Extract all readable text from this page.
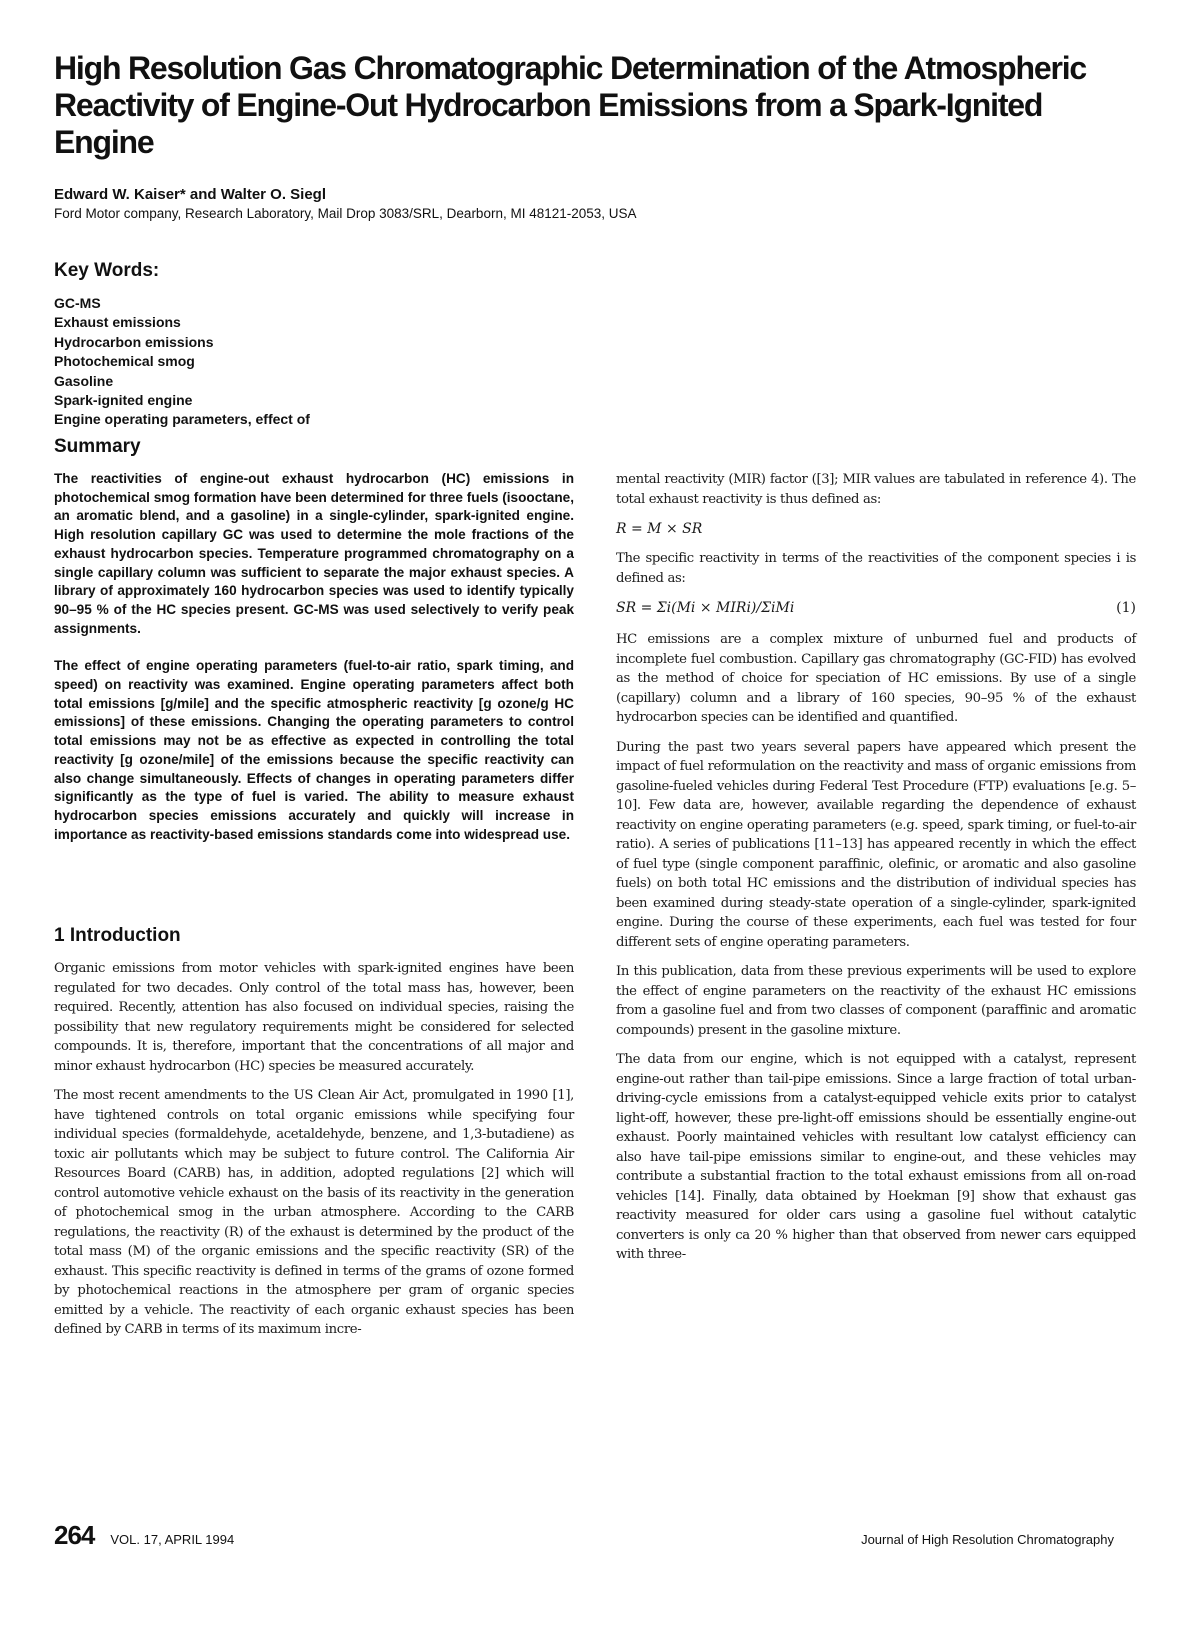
High Resolution Gas Chromatographic Determination of the Atmospheric Reactivity of Engine-Out Hydrocarbon Emissions from a Spark-Ignited Engine
Edward W. Kaiser* and Walter O. Siegl
Ford Motor company, Research Laboratory, Mail Drop 3083/SRL, Dearborn, MI 48121-2053, USA
Key Words:
GC-MS
Exhaust emissions
Hydrocarbon emissions
Photochemical smog
Gasoline
Spark-ignited engine
Engine operating parameters, effect of
Summary

The reactivities of engine-out exhaust hydrocarbon (HC) emissions in photochemical smog formation have been determined for three fuels (isooctane, an aromatic blend, and a gasoline) in a single-cylinder, spark-ignited engine. High resolution capillary GC was used to determine the mole fractions of the exhaust hydrocarbon species. Temperature programmed chromatography on a single capillary column was sufficient to separate the major exhaust species. A library of approximately 160 hydrocarbon species was used to identify typically 90–95 % of the HC species present. GC-MS was used selectively to verify peak assignments.

The effect of engine operating parameters (fuel-to-air ratio, spark timing, and speed) on reactivity was examined. Engine operating parameters affect both total emissions [g/mile] and the specific atmospheric reactivity [g ozone/g HC emissions] of these emissions. Changing the operating parameters to control total emissions may not be as effective as expected in controlling the total reactivity [g ozone/mile] of the emissions because the specific reactivity can also change simultaneously. Effects of changes in operating parameters differ significantly as the type of fuel is varied. The ability to measure exhaust hydrocarbon species emissions accurately and quickly will increase in importance as reactivity-based emissions standards come into widespread use.

1 Introduction

Organic emissions from motor vehicles with spark-ignited engines have been regulated for two decades. Only control of the total mass has, however, been required. Recently, attention has also focused on individual species, raising the possibility that new regulatory requirements might be considered for selected compounds. It is, therefore, important that the concentrations of all major and minor exhaust hydrocarbon (HC) species be measured accurately.

The most recent amendments to the US Clean Air Act, promulgated in 1990 [1], have tightened controls on total organic emissions while specifying four individual species (formaldehyde, acetaldehyde, benzene, and 1,3-butadiene) as toxic air pollutants which may be subject to future control. The California Air Resources Board (CARB) has, in addition, adopted regulations [2] which will control automotive vehicle exhaust on the basis of its reactivity in the generation of photochemical smog in the urban atmosphere. According to the CARB regulations, the reactivity (R) of the exhaust is determined by the product of the total mass (M) of the organic emissions and the specific reactivity (SR) of the exhaust. This specific reactivity is defined in terms of the grams of ozone formed by photochemical reactions in the atmosphere per gram of organic species emitted by a vehicle. The reactivity of each organic exhaust species has been defined by CARB in terms of its maximum incre-

mental reactivity (MIR) factor ([3]; MIR values are tabulated in reference 4). The total exhaust reactivity is thus defined as:

R = M × SR

The specific reactivity in terms of the reactivities of the component species i is defined as:

SR = Σi(Mi × MIRi)/ΣiMi	(1)

HC emissions are a complex mixture of unburned fuel and products of incomplete fuel combustion. Capillary gas chromatography (GC-FID) has evolved as the method of choice for speciation of HC emissions. By use of a single (capillary) column and a library of 160 species, 90–95 % of the exhaust hydrocarbon species can be identified and quantified.

During the past two years several papers have appeared which present the impact of fuel reformulation on the reactivity and mass of organic emissions from gasoline-fueled vehicles during Federal Test Procedure (FTP) evaluations [e.g. 5–10]. Few data are, however, available regarding the dependence of exhaust reactivity on engine operating parameters (e.g. speed, spark timing, or fuel-to-air ratio). A series of publications [11–13] has appeared recently in which the effect of fuel type (single component paraffinic, olefinic, or aromatic and also gasoline fuels) on both total HC emissions and the distribution of individual species has been examined during steady-state operation of a single-cylinder, spark-ignited engine. During the course of these experiments, each fuel was tested for four different sets of engine operating parameters.

In this publication, data from these previous experiments will be used to explore the effect of engine parameters on the reactivity of the exhaust HC emissions from a gasoline fuel and from two classes of component (paraffinic and aromatic compounds) present in the gasoline mixture.

The data from our engine, which is not equipped with a catalyst, represent engine-out rather than tail-pipe emissions. Since a large fraction of total urban-driving-cycle emissions from a catalyst-equipped vehicle exits prior to catalyst light-off, however, these pre-light-off emissions should be essentially engine-out exhaust. Poorly maintained vehicles with resultant low catalyst efficiency can also have tail-pipe emissions similar to engine-out, and these vehicles may contribute a substantial fraction to the total exhaust emissions from all on-road vehicles [14]. Finally, data obtained by Hoekman [9] show that exhaust gas reactivity measured for older cars using a gasoline fuel without catalytic converters is only ca 20 % higher than that observed from newer cars equipped with three-

264 VOL. 17, APRIL 1994	Journal of High Resolution Chromatography
